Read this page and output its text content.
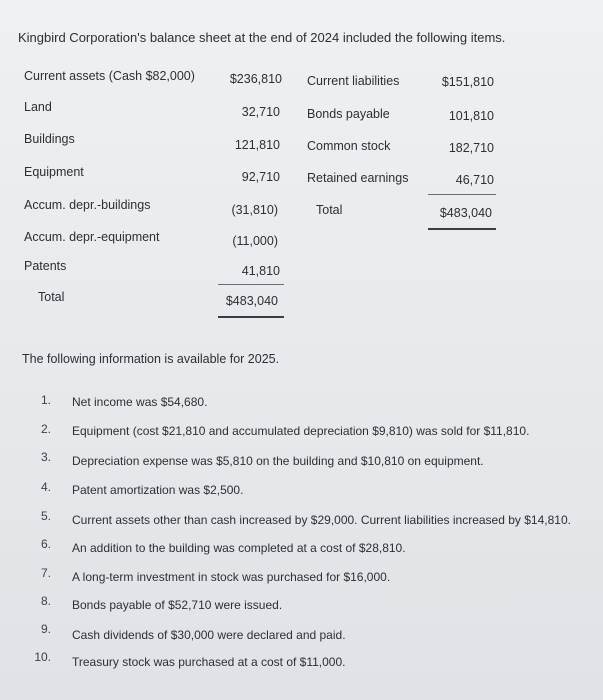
Kingbird Corporation's balance sheet at the end of 2024 included the following items.
Current assets (Cash $82,000)	$236,810
Land	32,710
Buildings	121,810
Equipment	92,710
Accum. depr.-buildings	(31,810)
Accum. depr.-equipment	(11,000)
Patents	41,810
Total	$483,040
Current liabilities	$151,810
Bonds payable	101,810
Common stock	182,710
Retained earnings	46,710
Total	$483,040
The following information is available for 2025.
1. Net income was $54,680.
2. Equipment (cost $21,810 and accumulated depreciation $9,810) was sold for $11,810.
3. Depreciation expense was $5,810 on the building and $10,810 on equipment.
4. Patent amortization was $2,500.
5. Current assets other than cash increased by $29,000. Current liabilities increased by $14,810.
6. An addition to the building was completed at a cost of $28,810.
7. A long-term investment in stock was purchased for $16,000.
8. Bonds payable of $52,710 were issued.
9. Cash dividends of $30,000 were declared and paid.
10. Treasury stock was purchased at a cost of $11,000.
